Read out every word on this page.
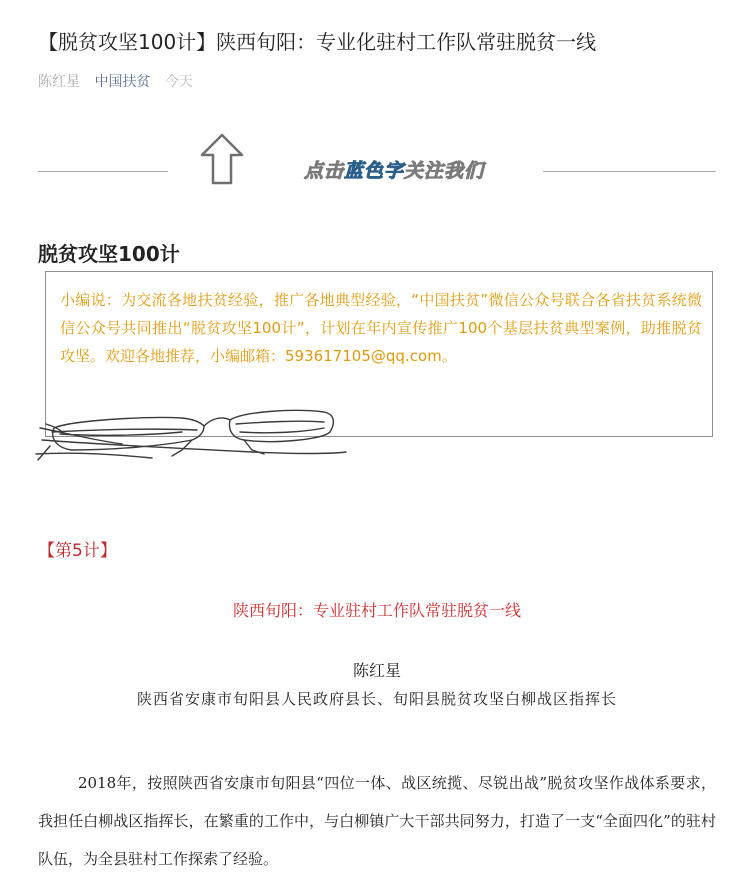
【脱贫攻坚100计】陕西旬阳：专业化驻村工作队常驻脱贫一线
陈红星 中国扶贫 今天
点击蓝色字关注我们
脱贫攻坚100计
小编说：为交流各地扶贫经验，推广各地典型经验，“中国扶贫”微信公众号联合各省扶贫系统微信公众号共同推出“脱贫攻坚100计”，计划在年内宣传推广100个基层扶贫典型案例，助推脱贫攻坚。欢迎各地推荐，小编邮箱：593617105@qq.com。
【第5计】
陕西旬阳：专业驻村工作队常驻脱贫一线
陈红星
陕西省安康市旬阳县人民政府县长、旬阳县脱贫攻坚白柳战区指挥长
2018年，按照陕西省安康市旬阳县“四位一体、战区统揽、尽锐出战”脱贫攻坚作战体系要求，我担任白柳战区指挥长，在繁重的工作中，与白柳镇广大干部共同努力，打造了一支“全面四化”的驻村队伍，为全县驻村工作探索了经验。
